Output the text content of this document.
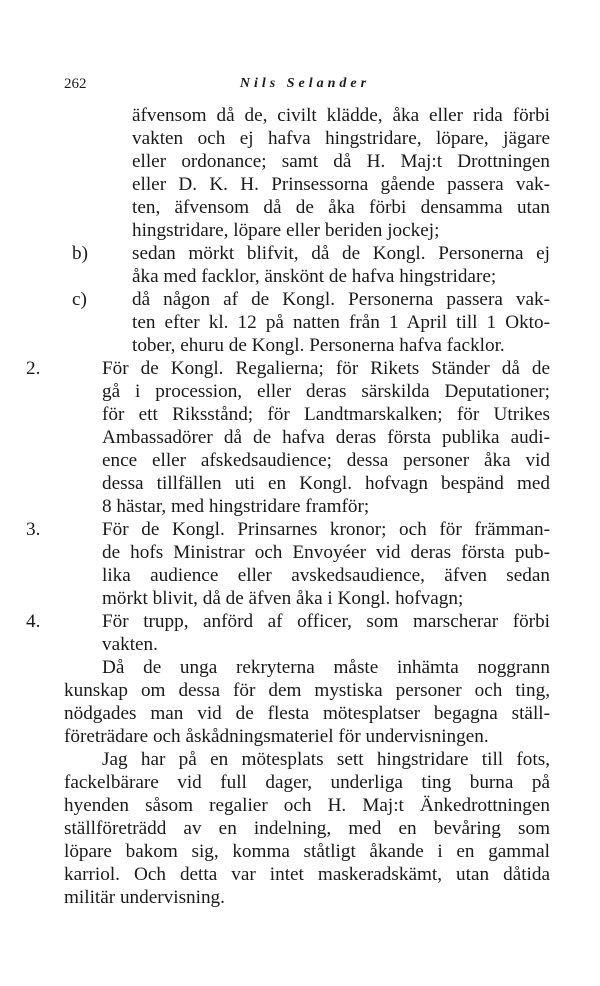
262	Nils Selander
äfvensom då de, civilt klädde, åka eller rida förbi
vakten och ej hafva hingstridare, löpare, jägare
eller ordonance; samt då H. Maj:t Drottningen
eller D. K. H. Prinsessorna gående passera vak-
ten, äfvensom då de åka förbi densamma utan
hingstridare, löpare eller beriden jockej;
b) sedan mörkt blifvit, då de Kongl. Personerna ej
åka med facklor, änskönt de hafva hingstridare;
c) då någon af de Kongl. Personerna passera vak-
ten efter kl. 12 på natten från 1 April till 1 Okto-
tober, ehuru de Kongl. Personerna hafva facklor.
2.	För de Kongl. Regalierna; för Rikets Ständer då de
gå i procession, eller deras särskilda Deputationer;
för ett Riksstånd; för Landtmarskalken; för Utrikes
Ambassadörer då de hafva deras första publika audi-
ence eller afskedsaudience; dessa personer åka vid
dessa tillfällen uti en Kongl. hofvagn bespänd med
8 hästar, med hingstridare framför;
3.	För de Kongl. Prinsarnes kronor; och för främman-
de hofs Ministrar och Envoyéer vid deras första pub-
lika audience eller avskedsaudience, äfven sedan
mörkt blivit, då de äfven åka i Kongl. hofvagn;
4.	För trupp, anförd af officer, som marscherar förbi
vakten.
Då de unga rekryterna måste inhämta noggrann
kunskap om dessa för dem mystiska personer och ting,
nödgades man vid de flesta mötesplatser begagna ställ-
företrädare och åskådningsmateriel för undervisningen.
Jag har på en mötesplats sett hingstridare till fots,
fackelbärare vid full dager, underliga ting burna på
hyenden såsom regalier och H. Maj:t Änkedrottningen
ställföreträdd av en indelning, med en bevåring som
löpare bakom sig, komma ståtligt åkande i en gammal
karriol. Och detta var intet maskeradskämt, utan dåtida
militär undervisning.
